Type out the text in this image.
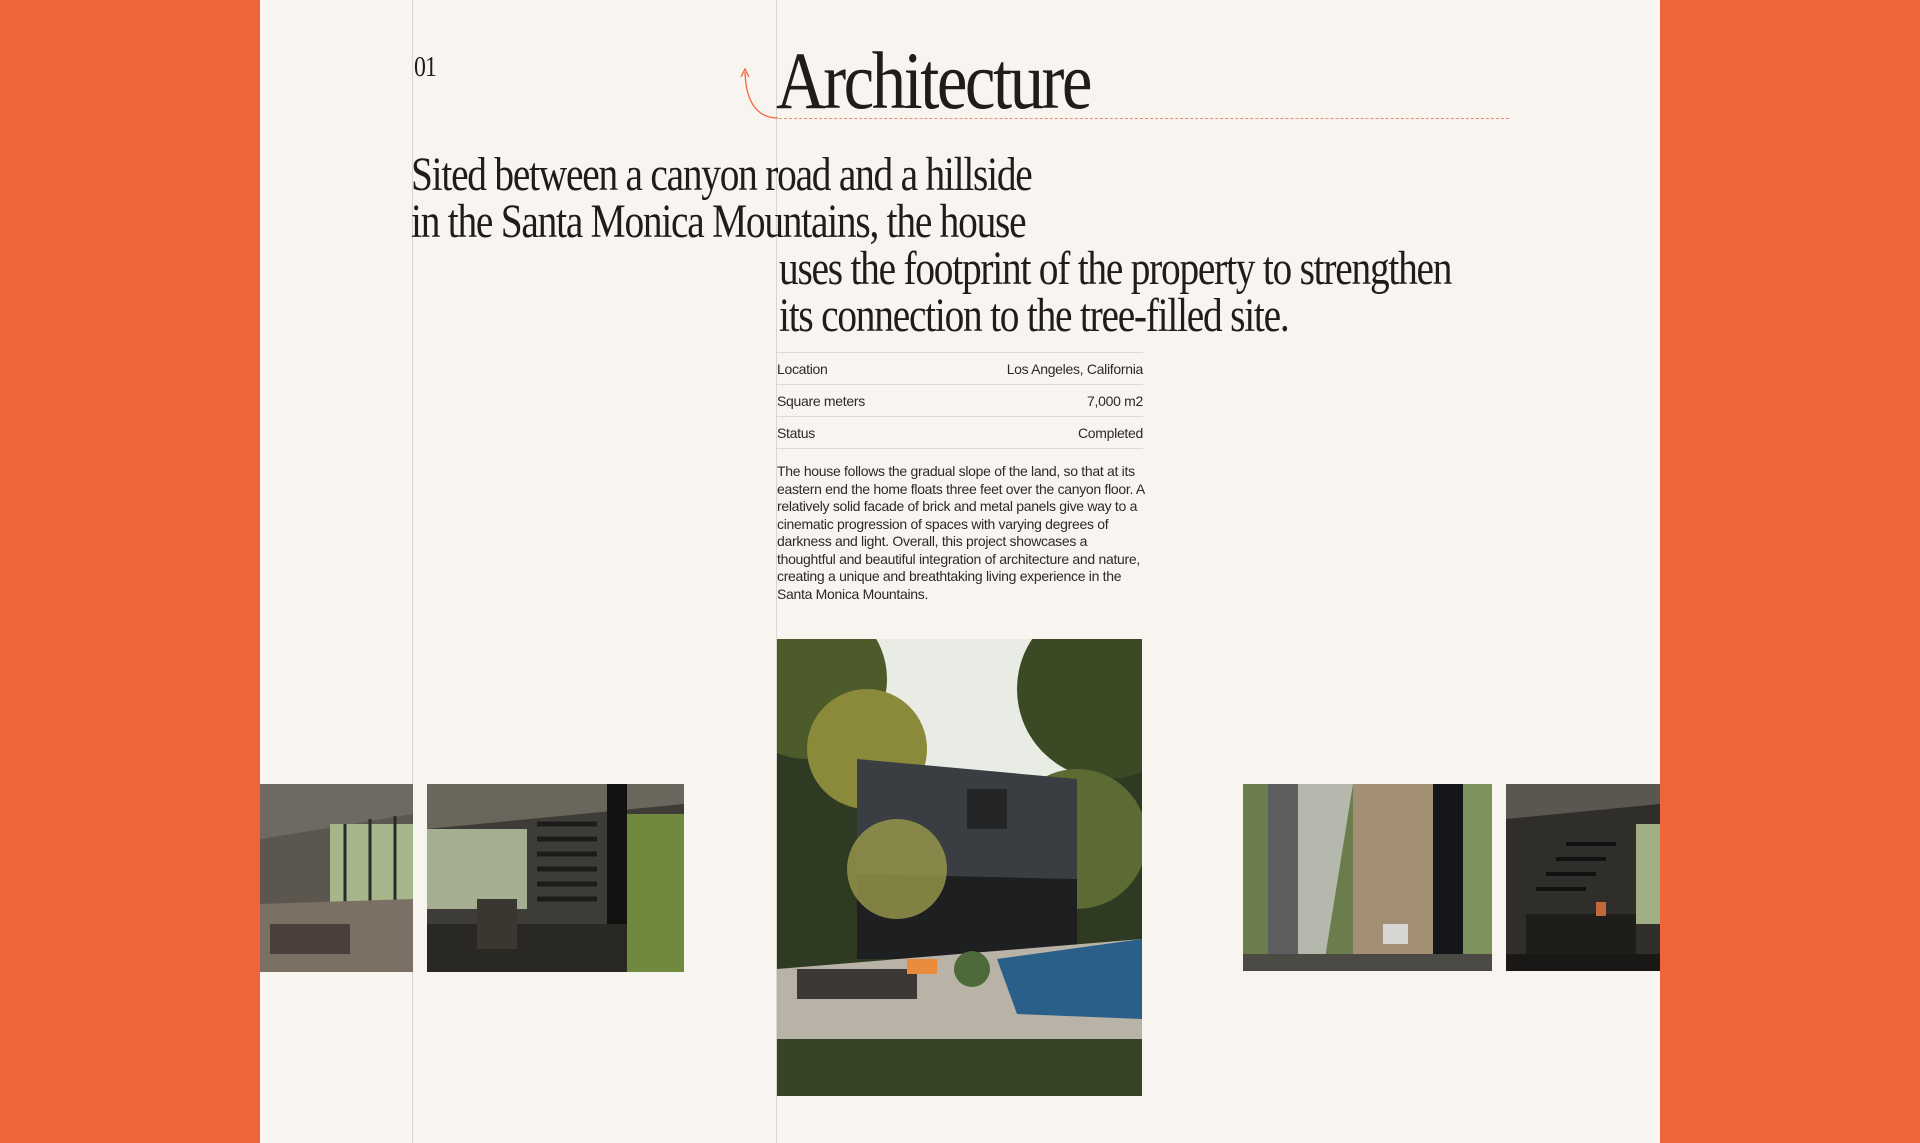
01	Architecture
Sited between a canyon road and a hillside
in the Santa Monica Mountains, the house
uses the footprint of the property to strengthen
its connection to the tree-filled site.
Location	Los Angeles, California
Square meters	7,000 m2
Status	Completed

The house follows the gradual slope of the land, so that at its eastern end the home floats three feet over the canyon floor. A relatively solid facade of brick and metal panels give way to a cinematic progression of spaces with varying degrees of darkness and light. Overall, this project showcases a thoughtful and beautiful integration of architecture and nature, creating a unique and breathtaking living experience in the Santa Monica Mountains.
